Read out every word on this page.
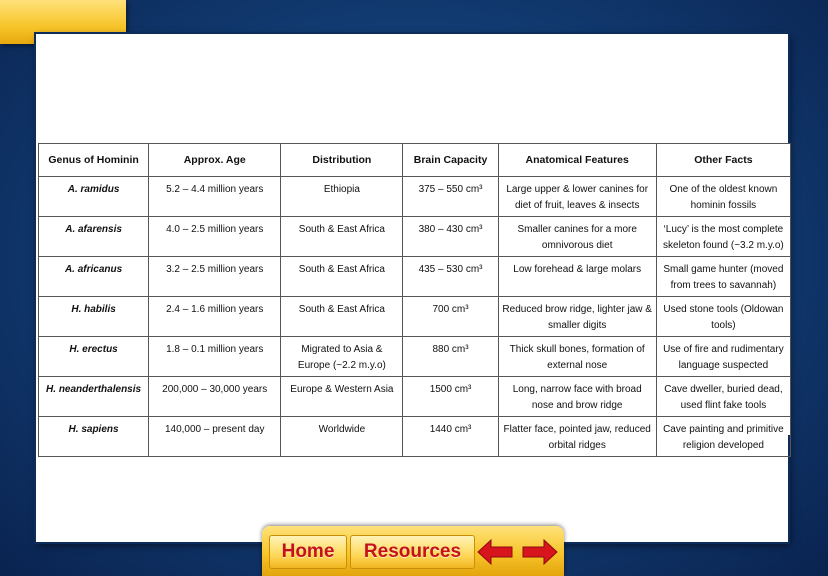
Genus of Hominin	Approx. Age	Distribution	Brain Capacity	Anatomical Features	Other Facts
A. ramidus	5.2 – 4.4 million years	Ethiopia	375 – 550 cm³	Large upper & lower canines for diet of fruit, leaves & insects	One of the oldest known hominin fossils
A. afarensis	4.0 – 2.5 million years	South & East Africa	380 – 430 cm³	Smaller canines for a more omnivorous diet	‘Lucy’ is the most complete skeleton found (~3.2 m.y.o)
A. africanus	3.2 – 2.5 million years	South & East Africa	435 – 530 cm³	Low forehead & large molars	Small game hunter (moved from trees to savannah)
H. habilis	2.4 – 1.6 million years	South & East Africa	700 cm³	Reduced brow ridge, lighter jaw & smaller digits	Used stone tools (Oldowan tools)
H. erectus	1.8 – 0.1 million years	Migrated to Asia & Europe (~2.2 m.y.o)	880 cm³	Thick skull bones, formation of external nose	Use of fire and rudimentary language suspected
H. neanderthalensis	200,000 – 30,000 years	Europe & Western Asia	1500 cm³	Long, narrow face with broad nose and brow ridge	Cave dweller, buried dead, used flint fake tools
H. sapiens	140,000 – present day	Worldwide	1440 cm³	Flatter face, pointed jaw, reduced orbital ridges	Cave painting and primitive religion developed
Home	Resources
